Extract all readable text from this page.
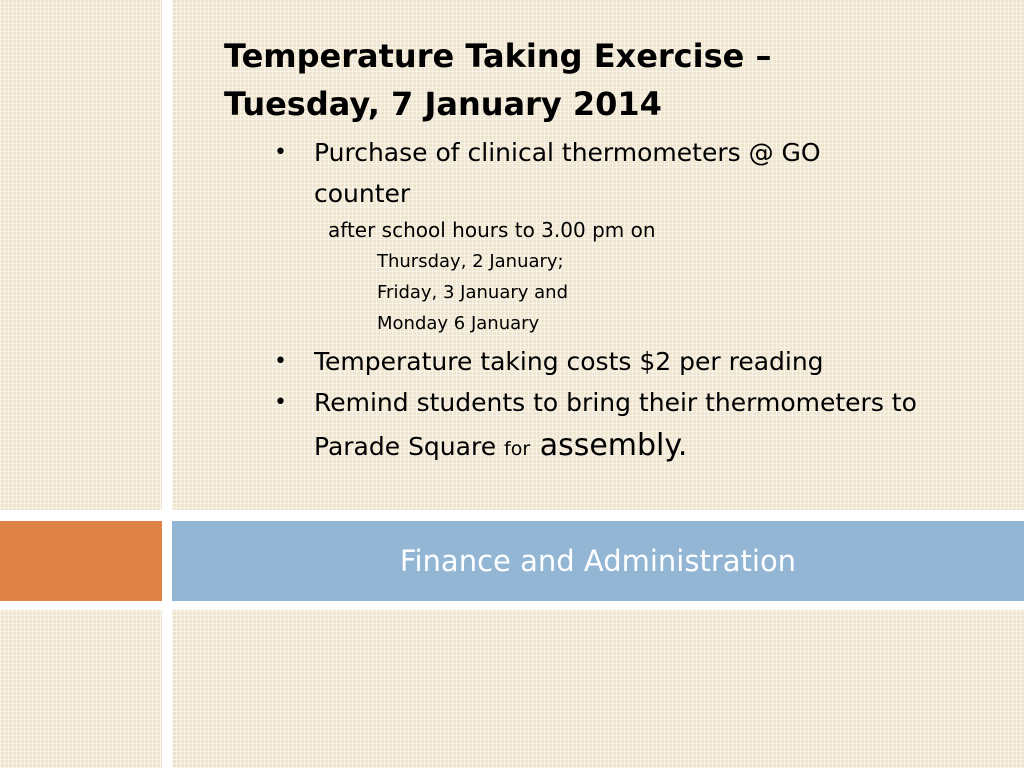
Finance and Administration
Temperature Taking Exercise –
Tuesday, 7 January 2014
• Purchase of clinical thermometers @ GO
counter
after school hours to 3.00 pm on
Thursday, 2 January;
Friday, 3 January and
Monday 6 January
• Temperature taking costs $2 per reading
• Remind students to bring their thermometers to
Parade Square for assembly.
